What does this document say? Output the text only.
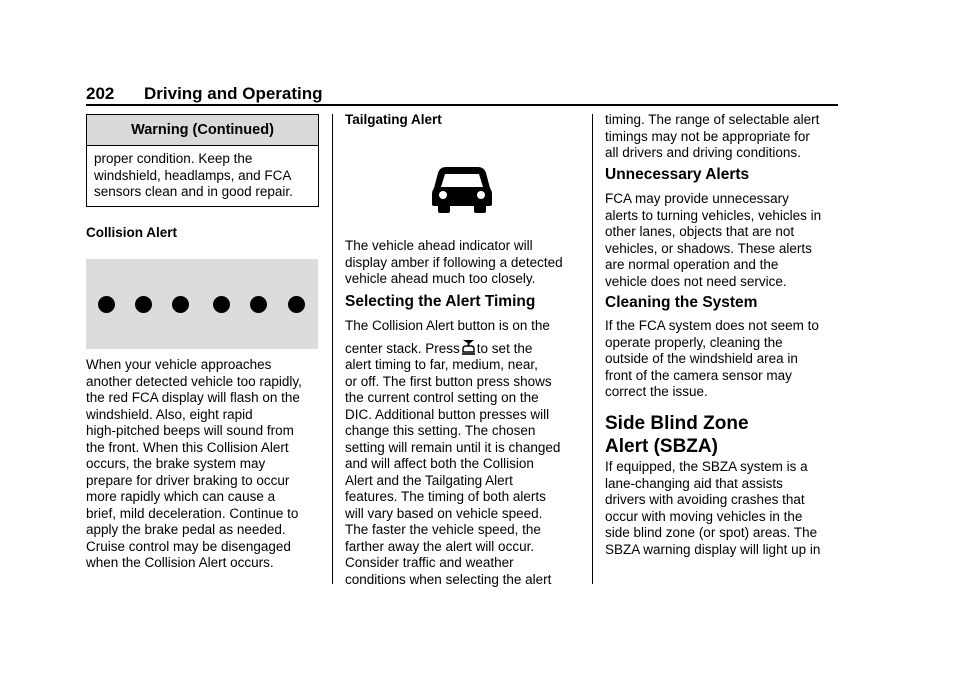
202	Driving and Operating
Warning (Continued)
proper condition. Keep the
windshield, headlamps, and FCA
sensors clean and in good repair.
Collision Alert
When your vehicle approaches
another detected vehicle too rapidly,
the red FCA display will flash on the
windshield. Also, eight rapid
high-pitched beeps will sound from
the front. When this Collision Alert
occurs, the brake system may
prepare for driver braking to occur
more rapidly which can cause a
brief, mild deceleration. Continue to
apply the brake pedal as needed.
Cruise control may be disengaged
when the Collision Alert occurs.
Tailgating Alert
The vehicle ahead indicator will
display amber if following a detected
vehicle ahead much too closely.
Selecting the Alert Timing
The Collision Alert button is on the
center stack. Press to set the
alert timing to far, medium, near,
or off. The first button press shows
the current control setting on the
DIC. Additional button presses will
change this setting. The chosen
setting will remain until it is changed
and will affect both the Collision
Alert and the Tailgating Alert
features. The timing of both alerts
will vary based on vehicle speed.
The faster the vehicle speed, the
farther away the alert will occur.
Consider traffic and weather
conditions when selecting the alert
timing. The range of selectable alert
timings may not be appropriate for
all drivers and driving conditions.
Unnecessary Alerts
FCA may provide unnecessary
alerts to turning vehicles, vehicles in
other lanes, objects that are not
vehicles, or shadows. These alerts
are normal operation and the
vehicle does not need service.
Cleaning the System
If the FCA system does not seem to
operate properly, cleaning the
outside of the windshield area in
front of the camera sensor may
correct the issue.
Side Blind Zone
Alert (SBZA)
If equipped, the SBZA system is a
lane-changing aid that assists
drivers with avoiding crashes that
occur with moving vehicles in the
side blind zone (or spot) areas. The
SBZA warning display will light up in
